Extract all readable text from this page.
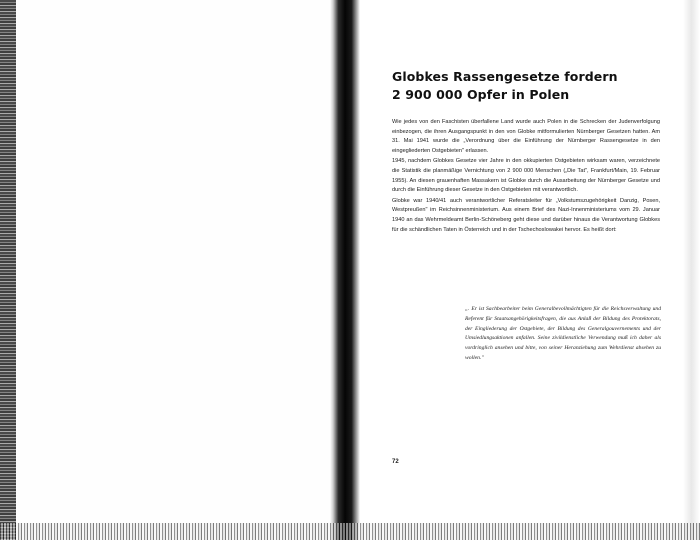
Globkes Rassengesetze fordern
2 900 000 Opfer in Polen

Wie jedes von den Faschisten überfallene Land wurde auch Polen in die Schrecken der Judenverfolgung einbezogen, die ihren Ausgangspunkt in den von Globke mitformulierten Nürnberger Gesetzen hatten. Am 31. Mai 1941 wurde die „Verordnung über die Einführung der Nürnberger Rassengesetze in den eingegliederten Ostgebieten" erlassen.

1945, nachdem Globkes Gesetze vier Jahre in den okkupierten Ostgebieten wirksam waren, verzeichnete die Statistik die planmäßige Vernichtung von 2 900 000 Menschen („Die Tat", Frankfurt/Main, 19. Februar 1955). An diesen grauenhaften Massakern ist Globke durch die Ausarbeitung der Nürnberger Gesetze und durch die Einführung dieser Gesetze in den Ostgebieten mit verantwortlich.

Globke war 1940/41 auch verantwortlicher Referatsleiter für „Volkstumszugehörigkeit Danzig, Posen, Westpreußen" im Reichsinnenministerium. Aus einem Brief des Nazi-Innenministeriums vom 29. Januar 1940 an das Wehrmeldeamt Berlin-Schöneberg geht diese und darüber hinaus die Verantwortung Globkes für die schändlichen Taten in Österreich und in der Tschechoslowakei hervor. Es heißt dort:

„. Er ist Sachbearbeiter beim Generalbevollmächtigten für die Reichsverwaltung und Referent für Staatsangehörigkeitsfragen, die aus Anlaß der Bildung des Protektorats, der Eingliederung der Ostgebiete, der Bildung des Generalgouvernements und der Umsiedlungsaktionen anfallen. Seine zivildienstliche Verwendung muß ich daher als vordringlich ansehen und bitte, von seiner Heranziehung zum Wehrdienst absehen zu wollen."
72
